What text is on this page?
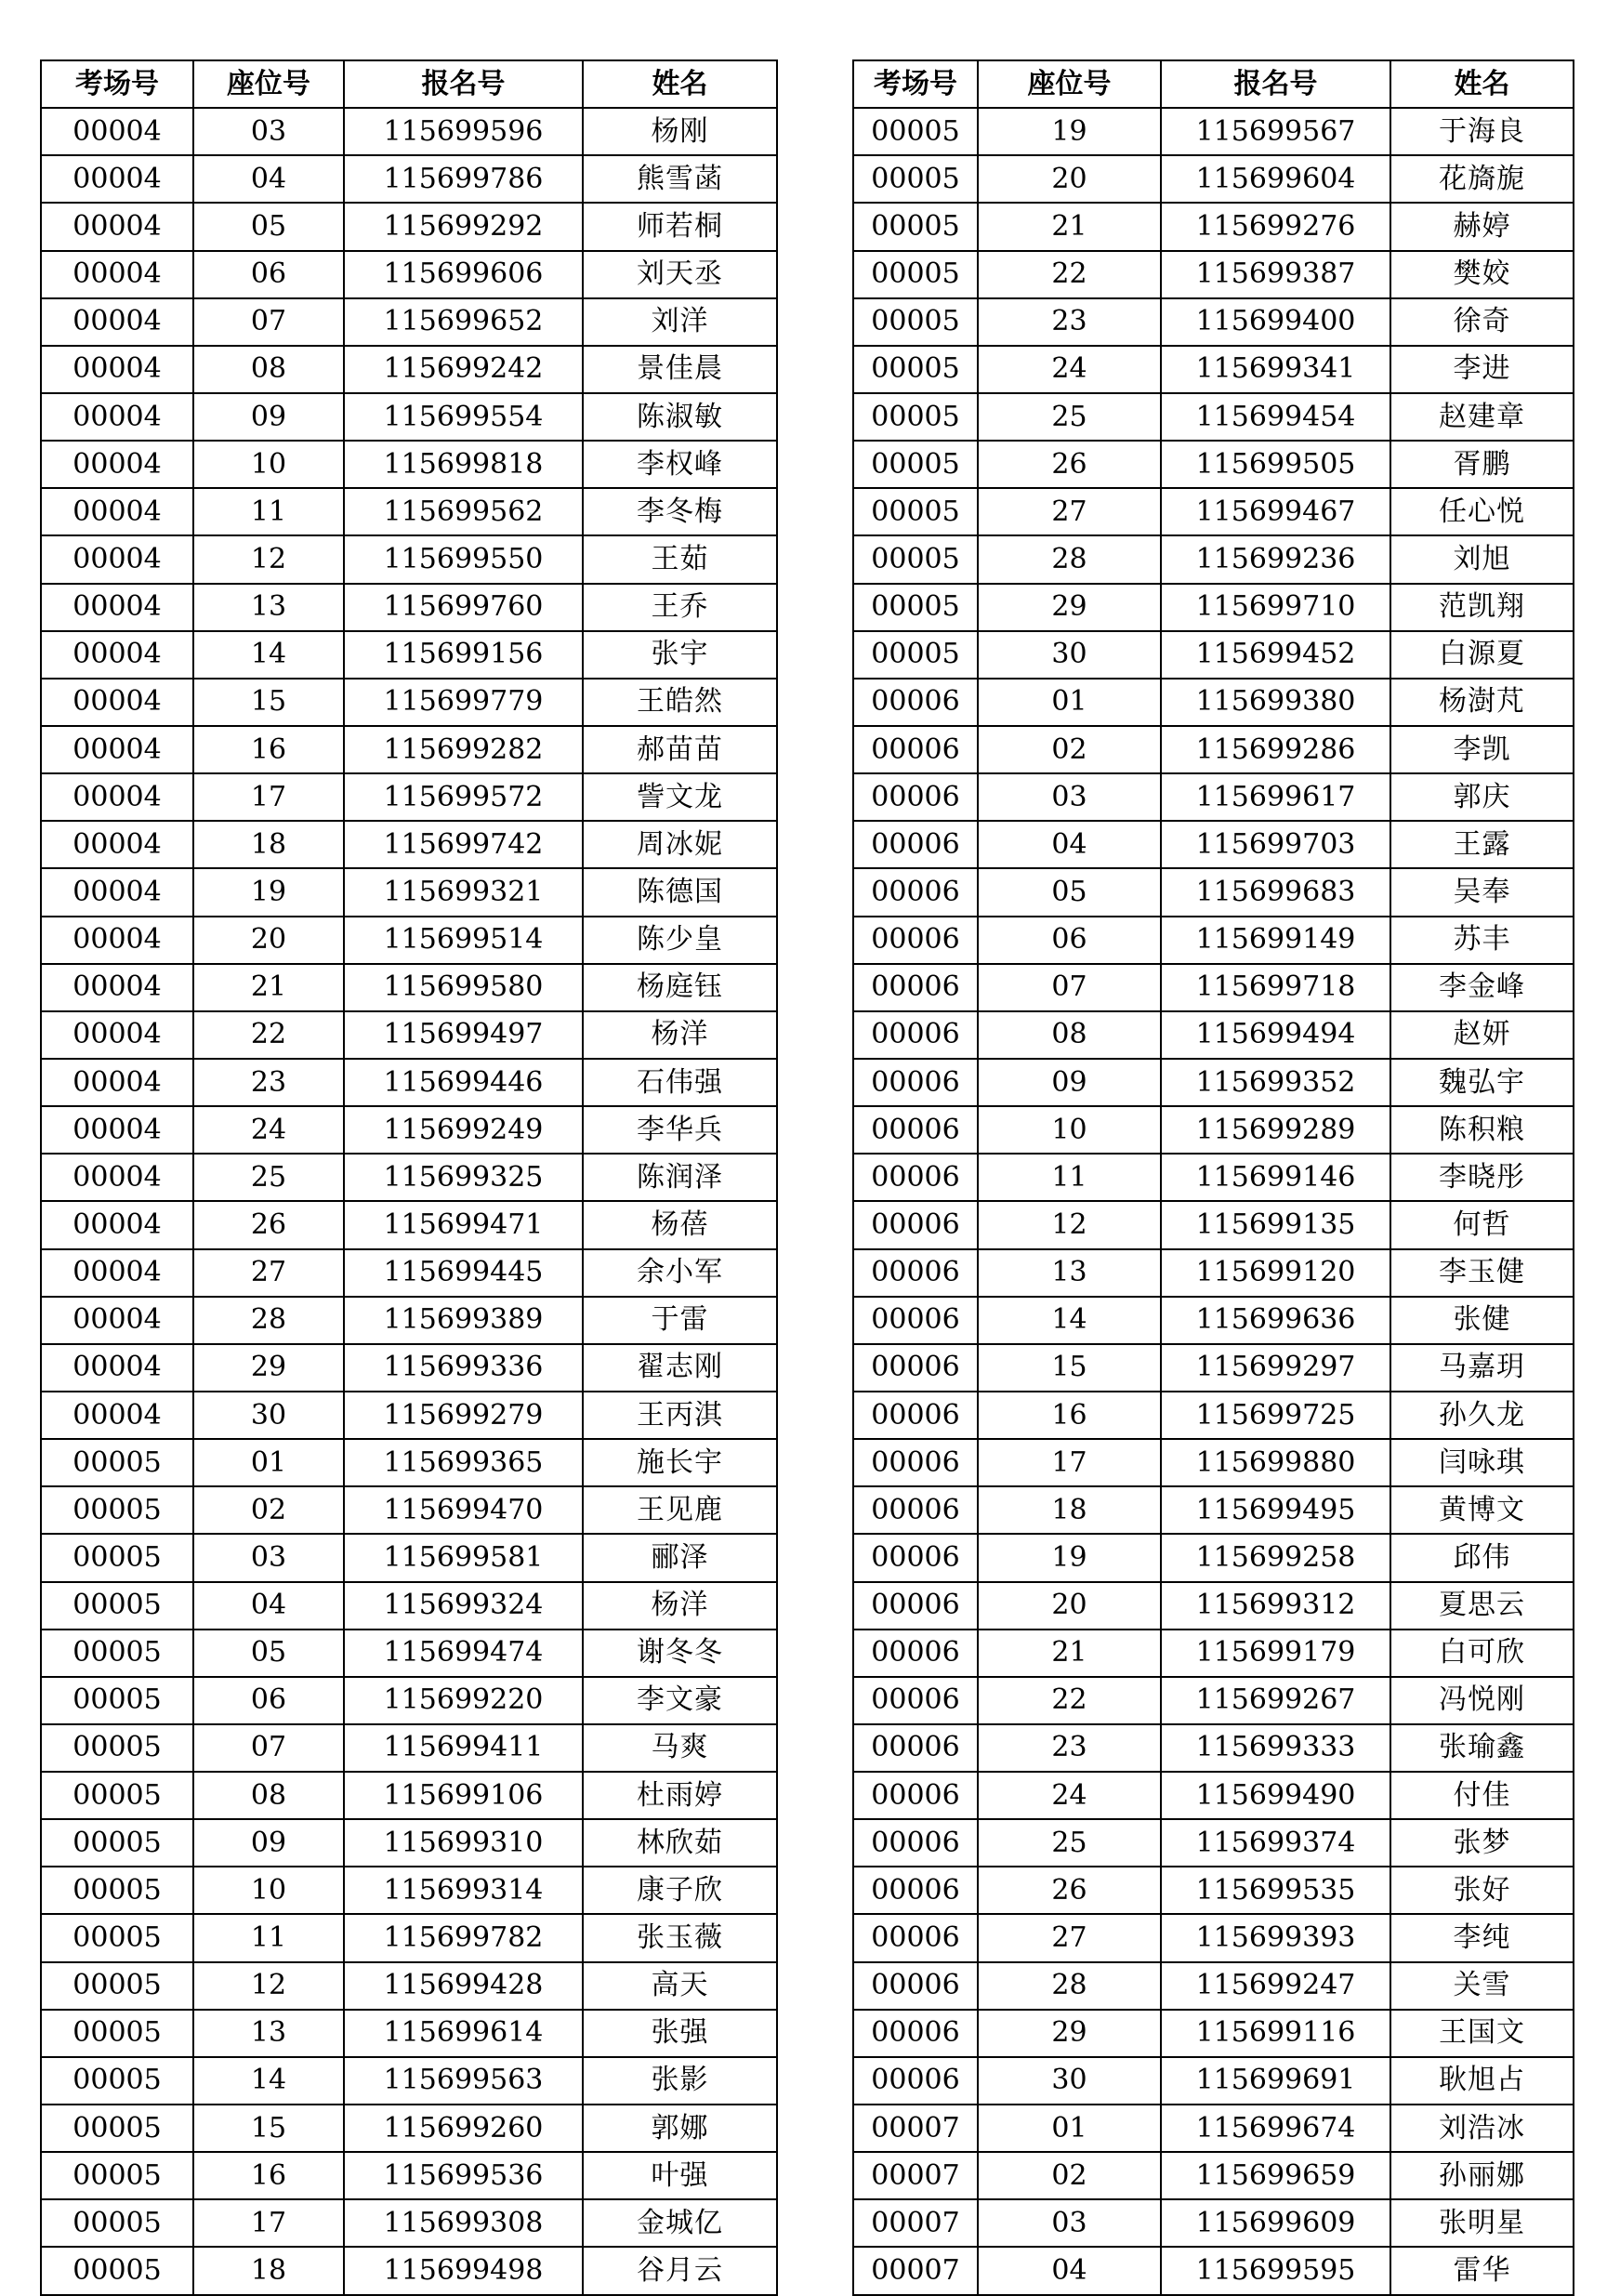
考场号	座位号	报名号	姓名
00004	03	115699596	杨刚
00004	04	115699786	熊雪菡
00004	05	115699292	师若桐
00004	06	115699606	刘天丞
00004	07	115699652	刘洋
00004	08	115699242	景佳晨
00004	09	115699554	陈淑敏
00004	10	115699818	李权峰
00004	11	115699562	李冬梅
00004	12	115699550	王茹
00004	13	115699760	王乔
00004	14	115699156	张宇
00004	15	115699779	王皓然
00004	16	115699282	郝苗苗
00004	17	115699572	訾文龙
00004	18	115699742	周冰妮
00004	19	115699321	陈德国
00004	20	115699514	陈少皇
00004	21	115699580	杨庭钰
00004	22	115699497	杨洋
00004	23	115699446	石伟强
00004	24	115699249	李华兵
00004	25	115699325	陈润泽
00004	26	115699471	杨蓓
00004	27	115699445	余小军
00004	28	115699389	于雷
00004	29	115699336	翟志刚
00004	30	115699279	王丙淇
00005	01	115699365	施长宇
00005	02	115699470	王见鹿
00005	03	115699581	郦泽
00005	04	115699324	杨洋
00005	05	115699474	谢冬冬
00005	06	115699220	李文豪
00005	07	115699411	马爽
00005	08	115699106	杜雨婷
00005	09	115699310	林欣茹
00005	10	115699314	康子欣
00005	11	115699782	张玉薇
00005	12	115699428	高天
00005	13	115699614	张强
00005	14	115699563	张影
00005	15	115699260	郭娜
00005	16	115699536	叶强
00005	17	115699308	金城亿
00005	18	115699498	谷月云
考场号	座位号	报名号	姓名
00005	19	115699567	于海良
00005	20	115699604	花旖旎
00005	21	115699276	赫婷
00005	22	115699387	樊姣
00005	23	115699400	徐奇
00005	24	115699341	李进
00005	25	115699454	赵建章
00005	26	115699505	胥鹏
00005	27	115699467	任心悦
00005	28	115699236	刘旭
00005	29	115699710	范凯翔
00005	30	115699452	白源夏
00006	01	115699380	杨澍芃
00006	02	115699286	李凯
00006	03	115699617	郭庆
00006	04	115699703	王露
00006	05	115699683	吴奉
00006	06	115699149	苏丰
00006	07	115699718	李金峰
00006	08	115699494	赵妍
00006	09	115699352	魏弘宇
00006	10	115699289	陈积粮
00006	11	115699146	李晓彤
00006	12	115699135	何哲
00006	13	115699120	李玉健
00006	14	115699636	张健
00006	15	115699297	马嘉玥
00006	16	115699725	孙久龙
00006	17	115699880	闫咏琪
00006	18	115699495	黄博文
00006	19	115699258	邱伟
00006	20	115699312	夏思云
00006	21	115699179	白可欣
00006	22	115699267	冯悦刚
00006	23	115699333	张瑜鑫
00006	24	115699490	付佳
00006	25	115699374	张梦
00006	26	115699535	张好
00006	27	115699393	李纯
00006	28	115699247	关雪
00006	29	115699116	王国文
00006	30	115699691	耿旭占
00007	01	115699674	刘浩冰
00007	02	115699659	孙丽娜
00007	03	115699609	张明星
00007	04	115699595	雷华
